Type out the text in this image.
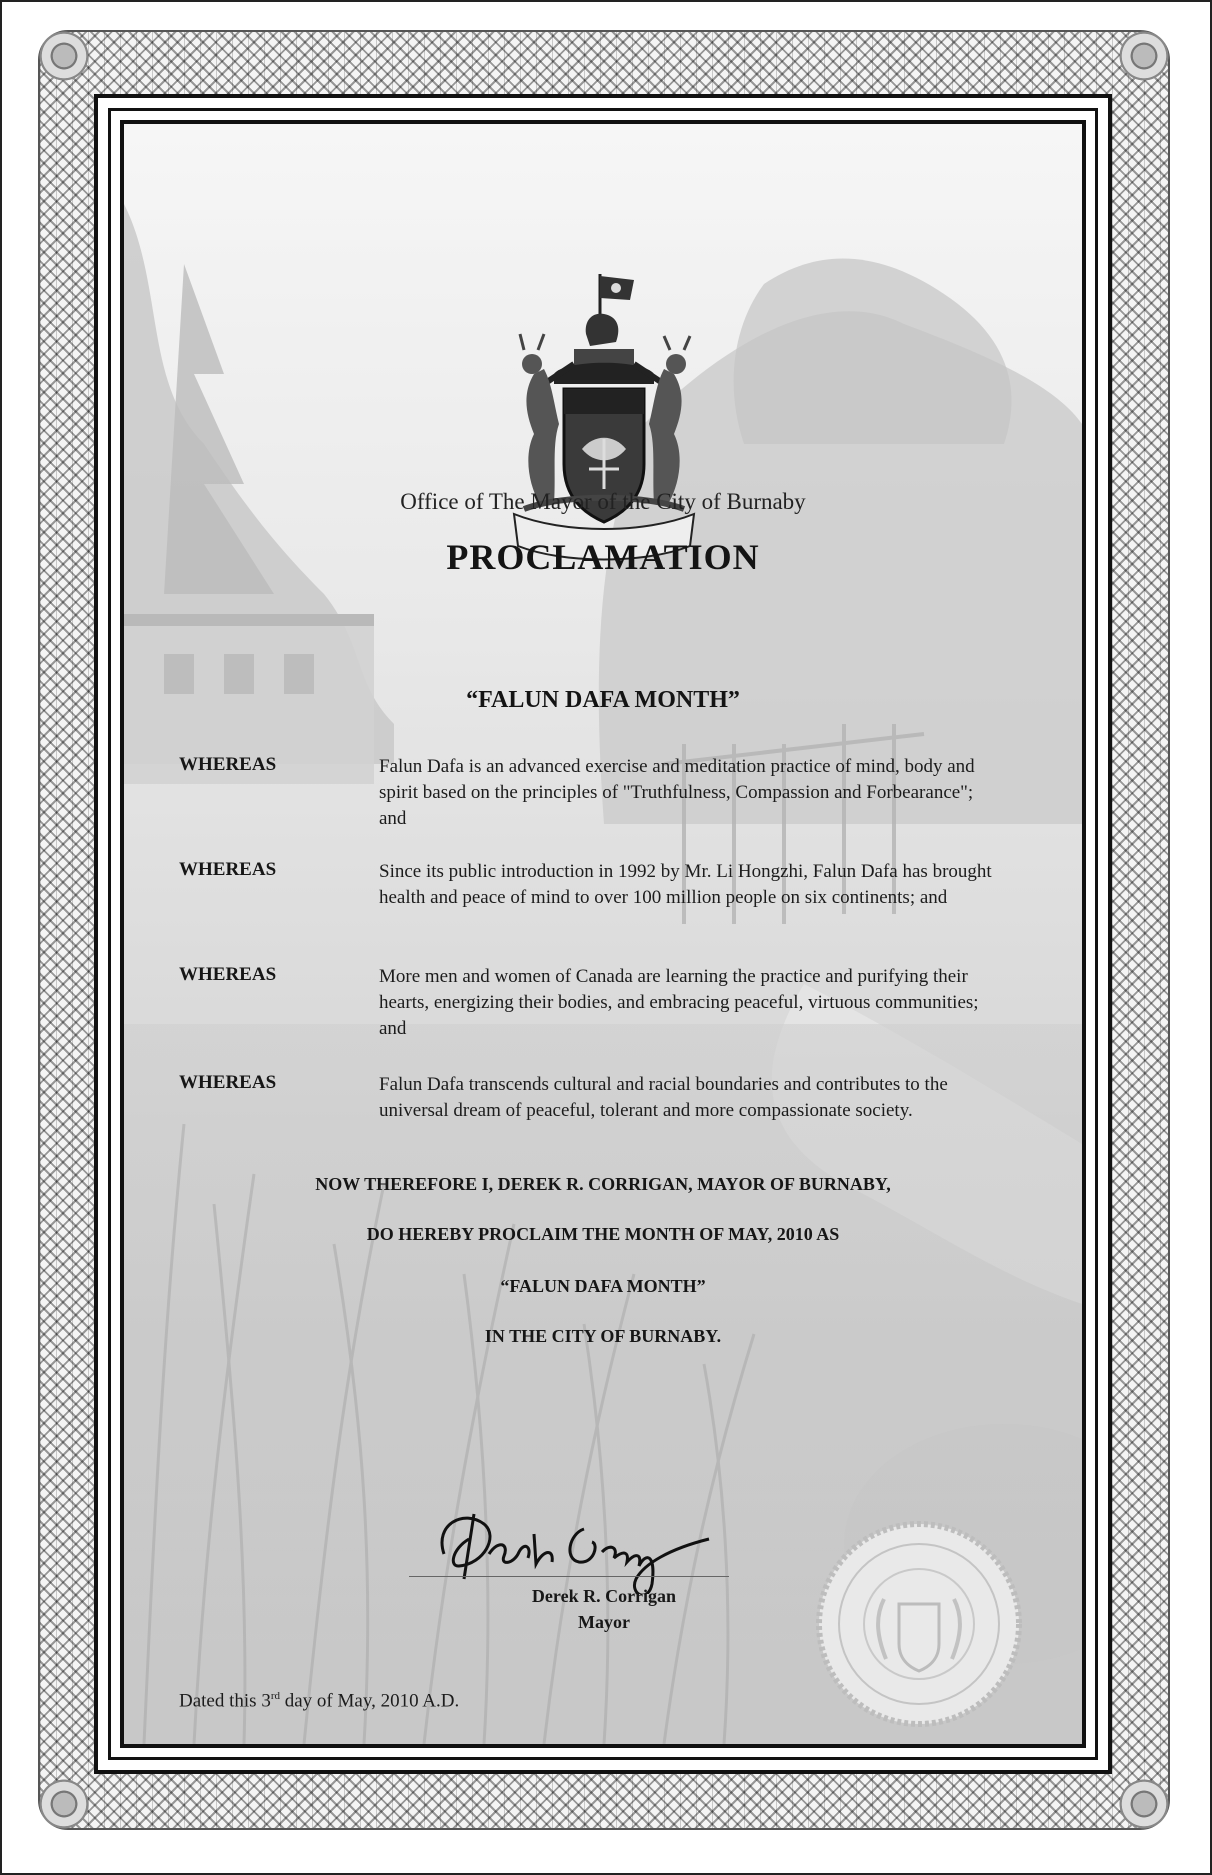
Office of The Mayor of the City of Burnaby
PROCLAMATION
“FALUN DAFA MONTH”
WHEREAS	Falun Dafa is an advanced exercise and meditation practice of mind, body and spirit based on the principles of "Truthfulness, Compassion and Forbearance"; and
WHEREAS	Since its public introduction in 1992 by Mr. Li Hongzhi, Falun Dafa has brought health and peace of mind to over 100 million people on six continents; and
WHEREAS	More men and women of Canada are learning the practice and purifying their hearts, energizing their bodies, and embracing peaceful, virtuous communities; and
WHEREAS	Falun Dafa transcends cultural and racial boundaries and contributes to the universal dream of peaceful, tolerant and more compassionate society.
NOW THEREFORE I, DEREK R. CORRIGAN, MAYOR OF BURNABY,
DO HEREBY PROCLAIM THE MONTH OF MAY, 2010 AS
“FALUN DAFA MONTH”
IN THE CITY OF BURNABY.
Derek R. Corrigan
Mayor
Dated this 3rd day of May, 2010 A.D.
